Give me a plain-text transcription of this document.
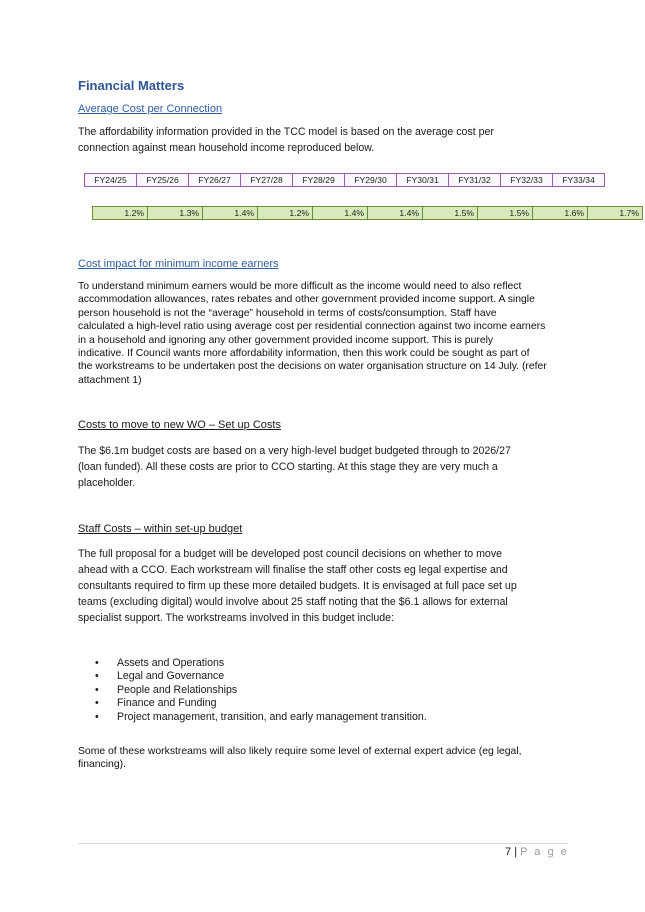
Financial Matters
Average Cost per Connection
The affordability information provided in the TCC model is based on the average cost per
connection against mean household income reproduced below.
FY24/25	FY25/26	FY26/27	FY27/28	FY28/29	FY29/30	FY30/31	FY31/32	FY32/33	FY33/34
1.2%	1.3%	1.4%	1.2%	1.4%	1.4%	1.5%	1.5%	1.6%	1.7%
Cost impact for minimum income earners
To understand minimum earners would be more difficult as the income would need to also reflect
accommodation allowances, rates rebates and other government provided income support. A single
person household is not the “average” household in terms of costs/consumption. Staff have
calculated a high-level ratio using average cost per residential connection against two income earners
in a household and ignoring any other government provided income support. This is purely
indicative. If Council wants more affordability information, then this work could be sought as part of
the workstreams to be undertaken post the decisions on water organisation structure on 14 July. (refer
attachment 1)
Costs to move to new WO – Set up Costs
The $6.1m budget costs are based on a very high-level budget budgeted through to 2026/27
(loan funded). All these costs are prior to CCO starting. At this stage they are very much a
placeholder.
Staff Costs – within set-up budget
The full proposal for a budget will be developed post council decisions on whether to move
ahead with a CCO. Each workstream will finalise the staff other costs eg legal expertise and
consultants required to firm up these more detailed budgets. It is envisaged at full pace set up
teams (excluding digital) would involve about 25 staff noting that the $6.1 allows for external
specialist support. The workstreams involved in this budget include:
• Assets and Operations
• Legal and Governance
• People and Relationships
• Finance and Funding
• Project management, transition, and early management transition.
Some of these workstreams will also likely require some level of external expert advice (eg legal,
financing).
7 | P a g e
